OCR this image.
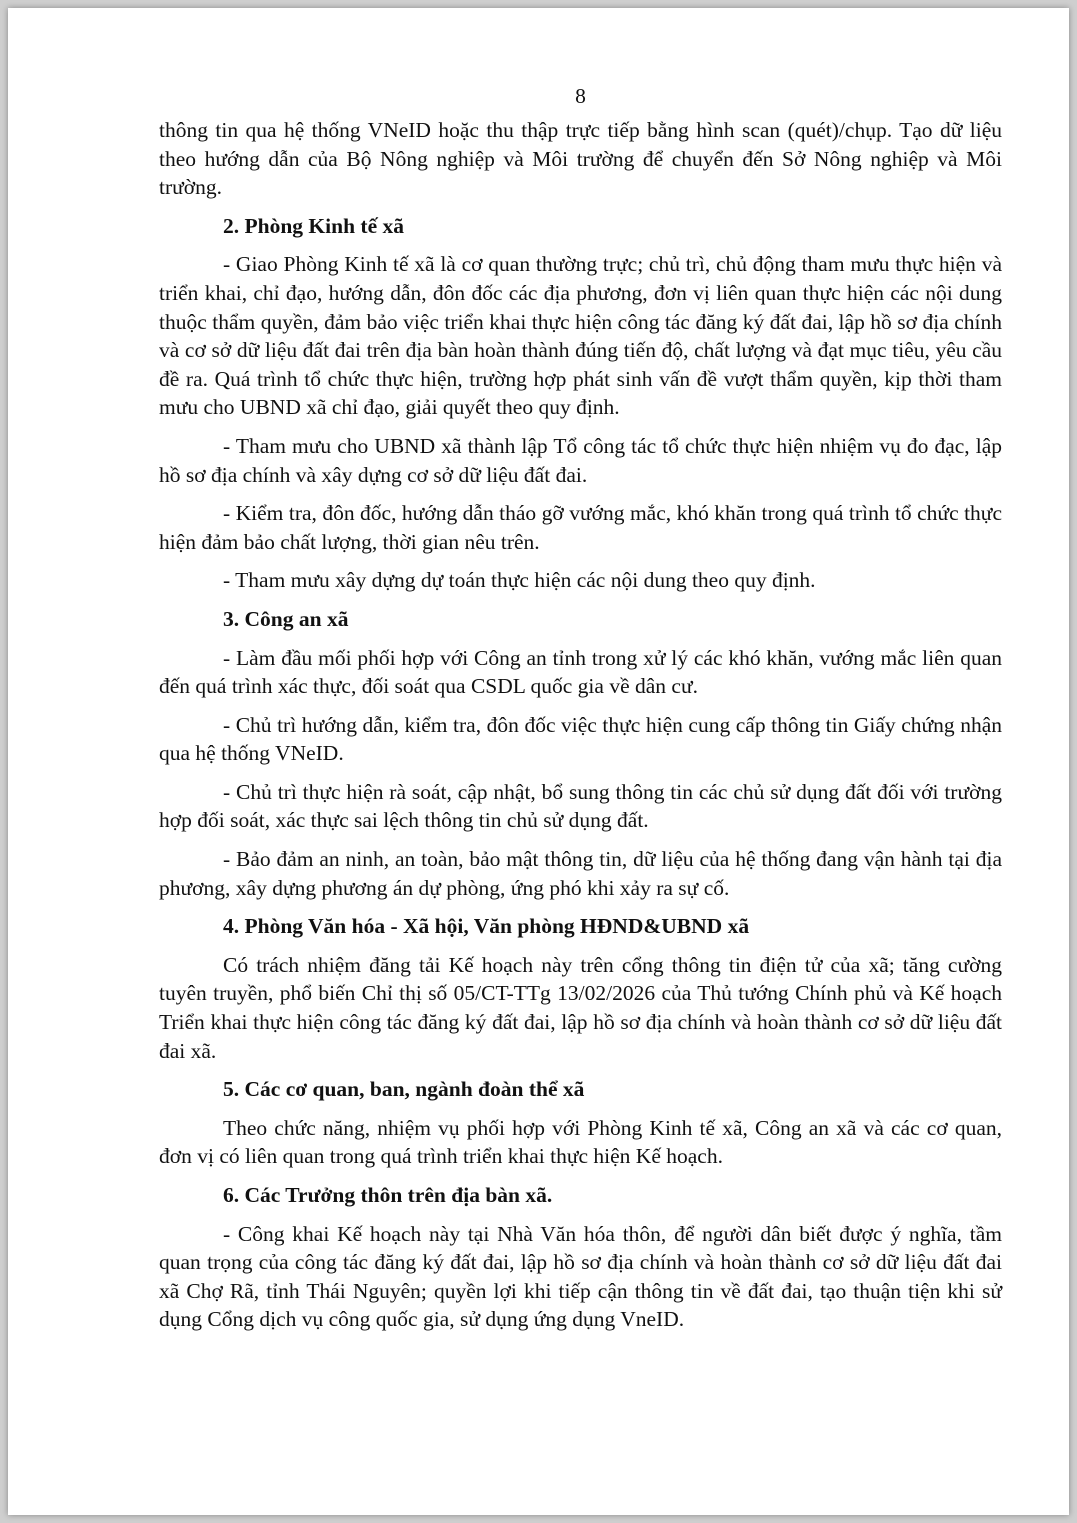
8

thông tin qua hệ thống VNeID hoặc thu thập trực tiếp bằng hình scan (quét)/chụp. Tạo dữ liệu theo hướng dẫn của Bộ Nông nghiệp và Môi trường để chuyển đến Sở Nông nghiệp và Môi trường.

2. Phòng Kinh tế xã

- Giao Phòng Kinh tế xã là cơ quan thường trực; chủ trì, chủ động tham mưu thực hiện và triển khai, chỉ đạo, hướng dẫn, đôn đốc các địa phương, đơn vị liên quan thực hiện các nội dung thuộc thẩm quyền, đảm bảo việc triển khai thực hiện công tác đăng ký đất đai, lập hồ sơ địa chính và cơ sở dữ liệu đất đai trên địa bàn hoàn thành đúng tiến độ, chất lượng và đạt mục tiêu, yêu cầu đề ra. Quá trình tổ chức thực hiện, trường hợp phát sinh vấn đề vượt thẩm quyền, kịp thời tham mưu cho UBND xã chỉ đạo, giải quyết theo quy định.

- Tham mưu cho UBND xã thành lập Tổ công tác tổ chức thực hiện nhiệm vụ đo đạc, lập hồ sơ địa chính và xây dựng cơ sở dữ liệu đất đai.

- Kiểm tra, đôn đốc, hướng dẫn tháo gỡ vướng mắc, khó khăn trong quá trình tổ chức thực hiện đảm bảo chất lượng, thời gian nêu trên.

- Tham mưu xây dựng dự toán thực hiện các nội dung theo quy định.

3. Công an xã

- Làm đầu mối phối hợp với Công an tỉnh trong xử lý các khó khăn, vướng mắc liên quan đến quá trình xác thực, đối soát qua CSDL quốc gia về dân cư.

- Chủ trì hướng dẫn, kiểm tra, đôn đốc việc thực hiện cung cấp thông tin Giấy chứng nhận qua hệ thống VNeID.

- Chủ trì thực hiện rà soát, cập nhật, bổ sung thông tin các chủ sử dụng đất đối với trường hợp đối soát, xác thực sai lệch thông tin chủ sử dụng đất.

- Bảo đảm an ninh, an toàn, bảo mật thông tin, dữ liệu của hệ thống đang vận hành tại địa phương, xây dựng phương án dự phòng, ứng phó khi xảy ra sự cố.

4. Phòng Văn hóa - Xã hội, Văn phòng HĐND&UBND xã

Có trách nhiệm đăng tải Kế hoạch này trên cổng thông tin điện tử của xã; tăng cường tuyên truyền, phổ biến Chỉ thị số 05/CT-TTg 13/02/2026 của Thủ tướng Chính phủ và Kế hoạch Triển khai thực hiện công tác đăng ký đất đai, lập hồ sơ địa chính và hoàn thành cơ sở dữ liệu đất đai xã.

5. Các cơ quan, ban, ngành đoàn thể xã

Theo chức năng, nhiệm vụ phối hợp với Phòng Kinh tế xã, Công an xã và các cơ quan, đơn vị có liên quan trong quá trình triển khai thực hiện Kế hoạch.

6. Các Trưởng thôn trên địa bàn xã.

- Công khai Kế hoạch này tại Nhà Văn hóa thôn, để người dân biết được ý nghĩa, tầm quan trọng của công tác đăng ký đất đai, lập hồ sơ địa chính và hoàn thành cơ sở dữ liệu đất đai xã Chợ Rã, tỉnh Thái Nguyên; quyền lợi khi tiếp cận thông tin về đất đai, tạo thuận tiện khi sử dụng Cổng dịch vụ công quốc gia, sử dụng ứng dụng VneID.
